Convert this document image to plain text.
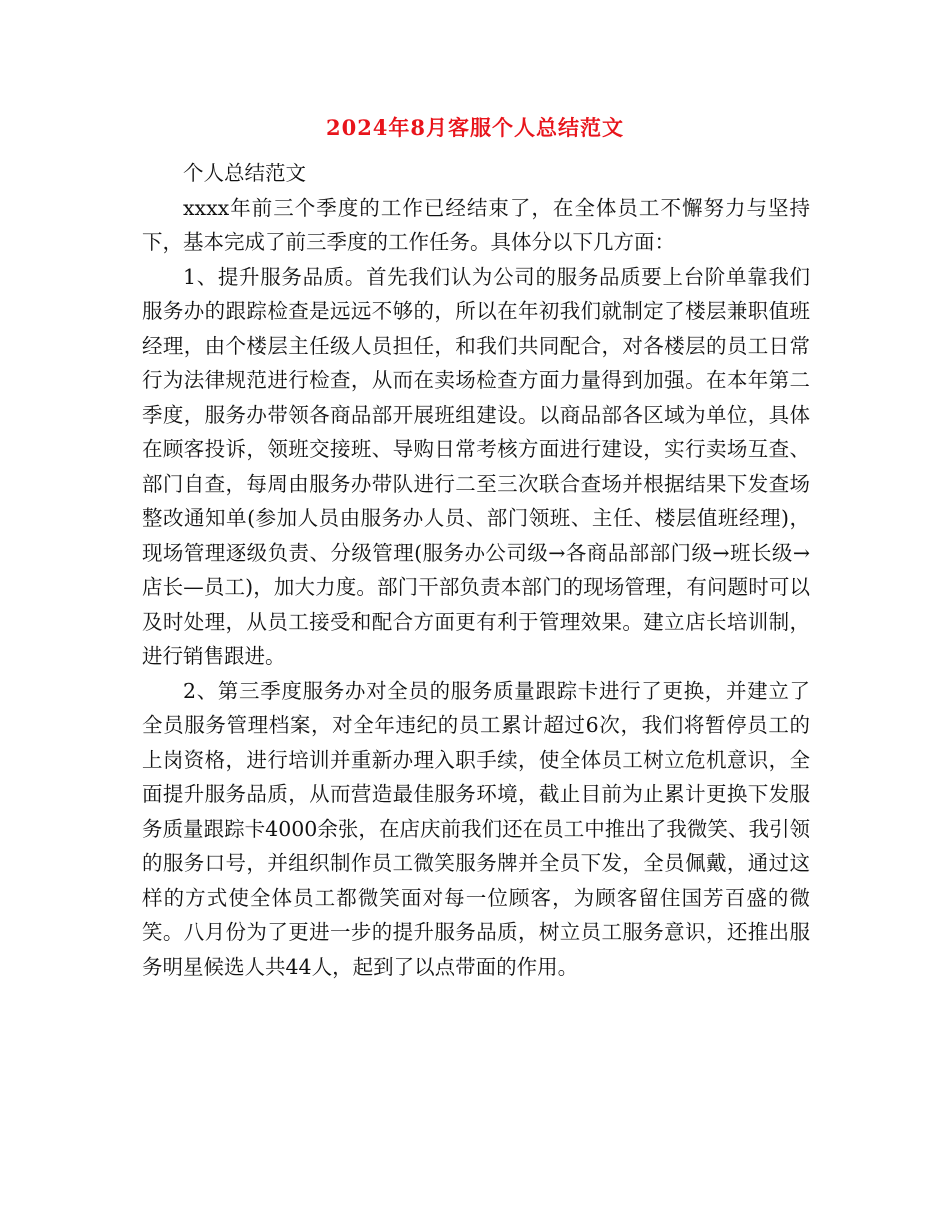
2024年8月客服个人总结范文

个人总结范文

xxxx年前三个季度的工作已经结束了，在全体员工不懈努力与坚持下，基本完成了前三季度的工作任务。具体分以下几方面：

1、提升服务品质。首先我们认为公司的服务品质要上台阶单靠我们服务办的跟踪检查是远远不够的，所以在年初我们就制定了楼层兼职值班经理，由个楼层主任级人员担任，和我们共同配合，对各楼层的员工日常行为法律规范进行检查，从而在卖场检查方面力量得到加强。在本年第二季度，服务办带领各商品部开展班组建设。以商品部各区域为单位，具体在顾客投诉，领班交接班、导购日常考核方面进行建设，实行卖场互查、部门自查，每周由服务办带队进行二至三次联合查场并根据结果下发查场整改通知单(参加人员由服务办人员、部门领班、主任、楼层值班经理)，现场管理逐级负责、分级管理(服务办公司级→各商品部部门级→班长级→店长—员工)，加大力度。部门干部负责本部门的现场管理，有问题时可以及时处理，从员工接受和配合方面更有利于管理效果。建立店长培训制，进行销售跟进。

2、第三季度服务办对全员的服务质量跟踪卡进行了更换，并建立了全员服务管理档案，对全年违纪的员工累计超过6次，我们将暂停员工的上岗资格，进行培训并重新办理入职手续，使全体员工树立危机意识，全面提升服务品质，从而营造最佳服务环境，截止目前为止累计更换下发服务质量跟踪卡4000余张，在店庆前我们还在员工中推出了我微笑、我引领的服务口号，并组织制作员工微笑服务牌并全员下发，全员佩戴，通过这样的方式使全体员工都微笑面对每一位顾客，为顾客留住国芳百盛的微笑。八月份为了更进一步的提升服务品质，树立员工服务意识，还推出服务明星候选人共44人，起到了以点带面的作用。
